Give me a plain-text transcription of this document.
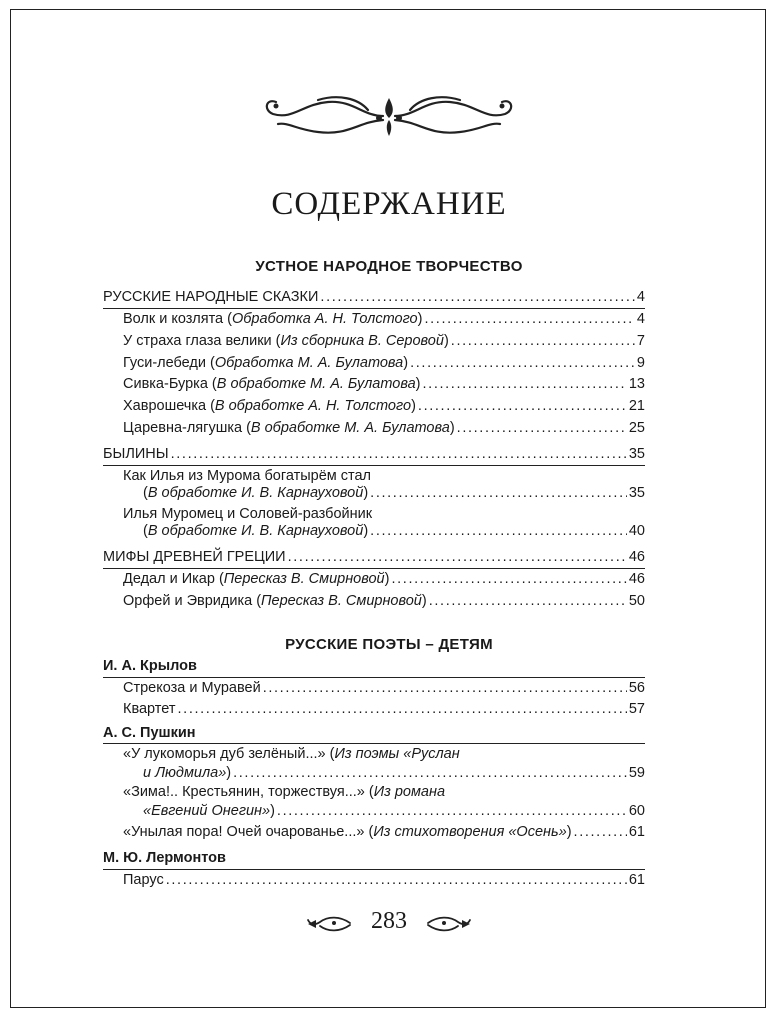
СОДЕРЖАНИЕ
УСТНОЕ НАРОДНОЕ ТВОРЧЕСТВО
РУССКИЕ НАРОДНЫЕ СКАЗКИ . . .	4
Волк и козлята (Обработка А. Н. Толстого) . . .	4
У страха глаза велики (Из сборника В. Серовой) . . .	7
Гуси-лебеди (Обработка М. А. Булатова) . . .	9
Сивка-Бурка (В обработке М. А. Булатова) . . .	13
Хаврошечка (В обработке А. Н. Толстого) . . .	21
Царевна-лягушка (В обработке М. А. Булатова) . . .	25
БЫЛИНЫ . . .	35
Как Илья из Мурома богатырём стал
(В обработке И. В. Карнауховой) . . .	35
Илья Муромец и Соловей-разбойник
(В обработке И. В. Карнауховой) . . .	40
МИФЫ ДРЕВНЕЙ ГРЕЦИИ . . .	46
Дедал и Икар (Пересказ В. Смирновой) . . .	46
Орфей и Эвридика (Пересказ В. Смирновой) . . .	50
РУССКИЕ ПОЭТЫ – ДЕТЯМ
И. А. Крылов
Стрекоза и Муравей . . .	56
Квартет . . .	57
А. С. Пушкин
«У лукоморья дуб зелёный...» (Из поэмы «Руслан
и Людмила») . . .	59
«Зима!.. Крестьянин, торжествуя...» (Из романа
«Евгений Онегин») . . .	60
«Унылая пора! Очей очарованье...» (Из стихотворения «Осень») . . .	61
М. Ю. Лермонтов
Парус . . .	61
283
